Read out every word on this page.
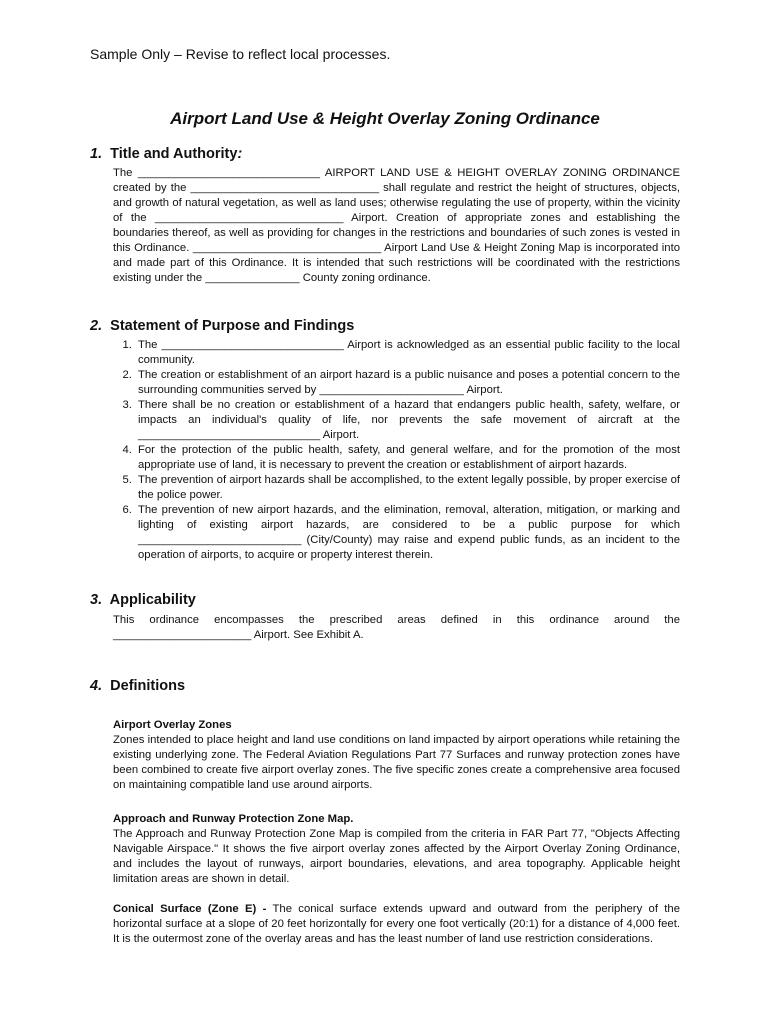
Sample Only – Revise to reflect local processes.
Airport Land Use & Height Overlay Zoning Ordinance
1. Title and Authority:

The _____________________________ AIRPORT LAND USE & HEIGHT OVERLAY ZONING ORDINANCE created by the ______________________________ shall regulate and restrict the height of structures, objects, and growth of natural vegetation, as well as land uses; otherwise regulating the use of property, within the vicinity of the ______________________________ Airport. Creation of appropriate zones and establishing the boundaries thereof, as well as providing for changes in the restrictions and boundaries of such zones is vested in this Ordinance. ______________________________ Airport Land Use & Height Zoning Map is incorporated into and made part of this Ordinance. It is intended that such restrictions will be coordinated with the restrictions existing under the _______________ County zoning ordinance.

2. Statement of Purpose and Findings
1. The _____________________________ Airport is acknowledged as an essential public facility to the local community.
2. The creation or establishment of an airport hazard is a public nuisance and poses a potential concern to the surrounding communities served by _______________________ Airport.
3. There shall be no creation or establishment of a hazard that endangers public health, safety, welfare, or impacts an individual's quality of life, nor prevents the safe movement of aircraft at the _____________________________ Airport.
4. For the protection of the public health, safety, and general welfare, and for the promotion of the most appropriate use of land, it is necessary to prevent the creation or establishment of airport hazards.
5. The prevention of airport hazards shall be accomplished, to the extent legally possible, by proper exercise of the police power.
6. The prevention of new airport hazards, and the elimination, removal, alteration, mitigation, or marking and lighting of existing airport hazards, are considered to be a public purpose for which __________________________ (City/County) may raise and expend public funds, as an incident to the operation of airports, to acquire or property interest therein.
3. Applicability

This ordinance encompasses the prescribed areas defined in this ordinance around the ______________________ Airport. See Exhibit A.

4. Definitions

Airport Overlay Zones

Zones intended to place height and land use conditions on land impacted by airport operations while retaining the existing underlying zone. The Federal Aviation Regulations Part 77 Surfaces and runway protection zones have been combined to create five airport overlay zones. The five specific zones create a comprehensive area focused on maintaining compatible land use around airports.

Approach and Runway Protection Zone Map.

The Approach and Runway Protection Zone Map is compiled from the criteria in FAR Part 77, "Objects Affecting Navigable Airspace." It shows the five airport overlay zones affected by the Airport Overlay Zoning Ordinance, and includes the layout of runways, airport boundaries, elevations, and area topography. Applicable height limitation areas are shown in detail.

Conical Surface (Zone E) - The conical surface extends upward and outward from the periphery of the horizontal surface at a slope of 20 feet horizontally for every one foot vertically (20:1) for a distance of 4,000 feet. It is the outermost zone of the overlay areas and has the least number of land use restriction considerations.
